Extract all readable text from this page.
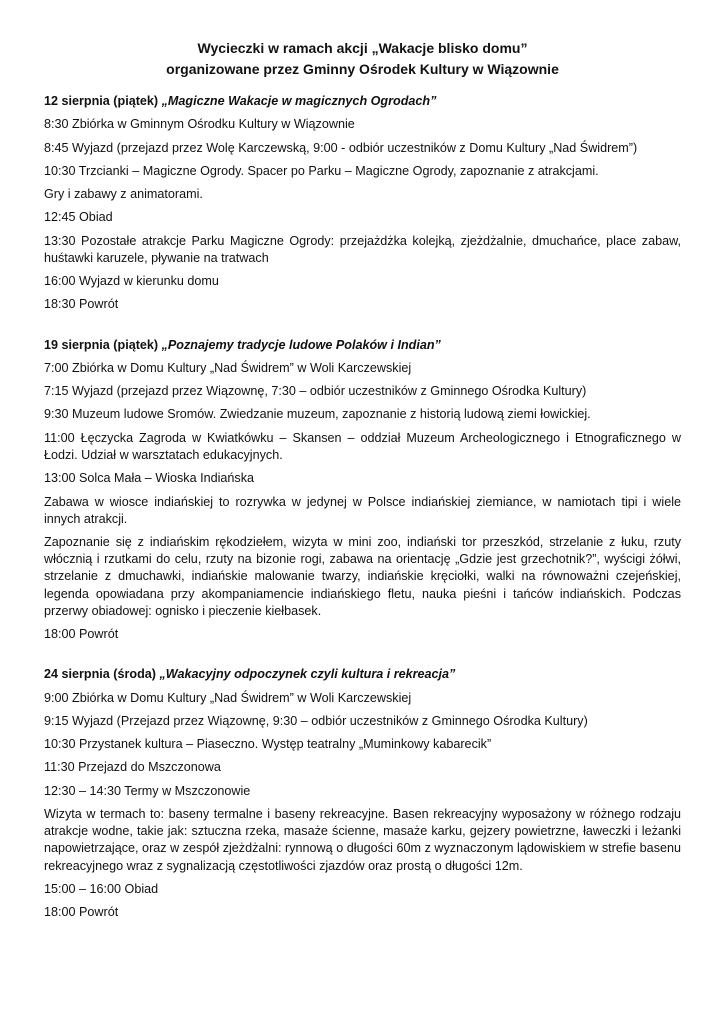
Wycieczki w ramach akcji „Wakacje blisko domu”
organizowane przez Gminny Ośrodek Kultury w Wiązownie
12 sierpnia (piątek) „Magiczne Wakacje w magicznych Ogrodach”
8:30 Zbiórka w Gminnym Ośrodku Kultury w Wiązownie
8:45 Wyjazd (przejazd przez Wolę Karczewską, 9:00 - odbiór uczestników z Domu Kultury „Nad Świdrem”)
10:30 Trzcianki – Magiczne Ogrody. Spacer po Parku – Magiczne Ogrody, zapoznanie z atrakcjami.
Gry i zabawy z animatorami.
12:45 Obiad
13:30 Pozostałe atrakcje Parku Magiczne Ogrody: przejażdżka kolejką, zjeżdżalnie, dmuchańce, place zabaw, huśtawki karuzele, pływanie na tratwach
16:00 Wyjazd w kierunku domu
18:30 Powrót
19 sierpnia (piątek) „Poznajemy tradycje ludowe Polaków i Indian”
7:00 Zbiórka w Domu Kultury „Nad Świdrem” w Woli Karczewskiej
7:15 Wyjazd (przejazd przez Wiązownę, 7:30 – odbiór uczestników z Gminnego Ośrodka Kultury)
9:30 Muzeum ludowe Sromów. Zwiedzanie muzeum, zapoznanie z historią ludową ziemi łowickiej.
11:00 Łęczycka Zagroda w Kwiatkówku – Skansen – oddział Muzeum Archeologicznego i Etnograficznego w Łodzi. Udział w warsztatach edukacyjnych.
13:00 Solca Mała – Wioska Indiańska
Zabawa w wiosce indiańskiej to rozrywka w jedynej w Polsce indiańskiej ziemiance, w namiotach tipi i wiele innych atrakcji.
Zapoznanie się z indiańskim rękodziełem, wizyta w mini zoo, indiański tor przeszkód, strzelanie z łuku, rzuty włócznią i rzutkami do celu, rzuty na bizonie rogi, zabawa na orientację „Gdzie jest grzechotnik?”, wyścigi żółwi, strzelanie z dmuchawki, indiańskie malowanie twarzy, indiańskie kręciołki, walki na równoważni czejeńskiej, legenda opowiadana przy akompaniamencie indiańskiego fletu, nauka pieśni i tańców indiańskich. Podczas przerwy obiadowej: ognisko i pieczenie kiełbasek.
18:00 Powrót
24 sierpnia (środa) „Wakacyjny odpoczynek czyli kultura i rekreacja”
9:00 Zbiórka w Domu Kultury „Nad Świdrem” w Woli Karczewskiej
9:15 Wyjazd (Przejazd przez Wiązownę, 9:30 – odbiór uczestników z Gminnego Ośrodka Kultury)
10:30 Przystanek kultura – Piaseczno. Występ teatralny „Muminkowy kabarecik”
11:30 Przejazd do Mszczonowa
12:30 – 14:30 Termy w Mszczonowie
Wizyta w termach to: baseny termalne i baseny rekreacyjne. Basen rekreacyjny wyposażony w różnego rodzaju atrakcje wodne, takie jak: sztuczna rzeka, masaże ścienne, masaże karku, gejzery powietrzne, ławeczki i leżanki napowietrzające, oraz w zespół zjeżdżalni: rynnową o długości 60m z wyznaczonym lądowiskiem w strefie basenu rekreacyjnego wraz z sygnalizacją częstotliwości zjazdów oraz prostą o długości 12m.
15:00 – 16:00 Obiad
18:00 Powrót
